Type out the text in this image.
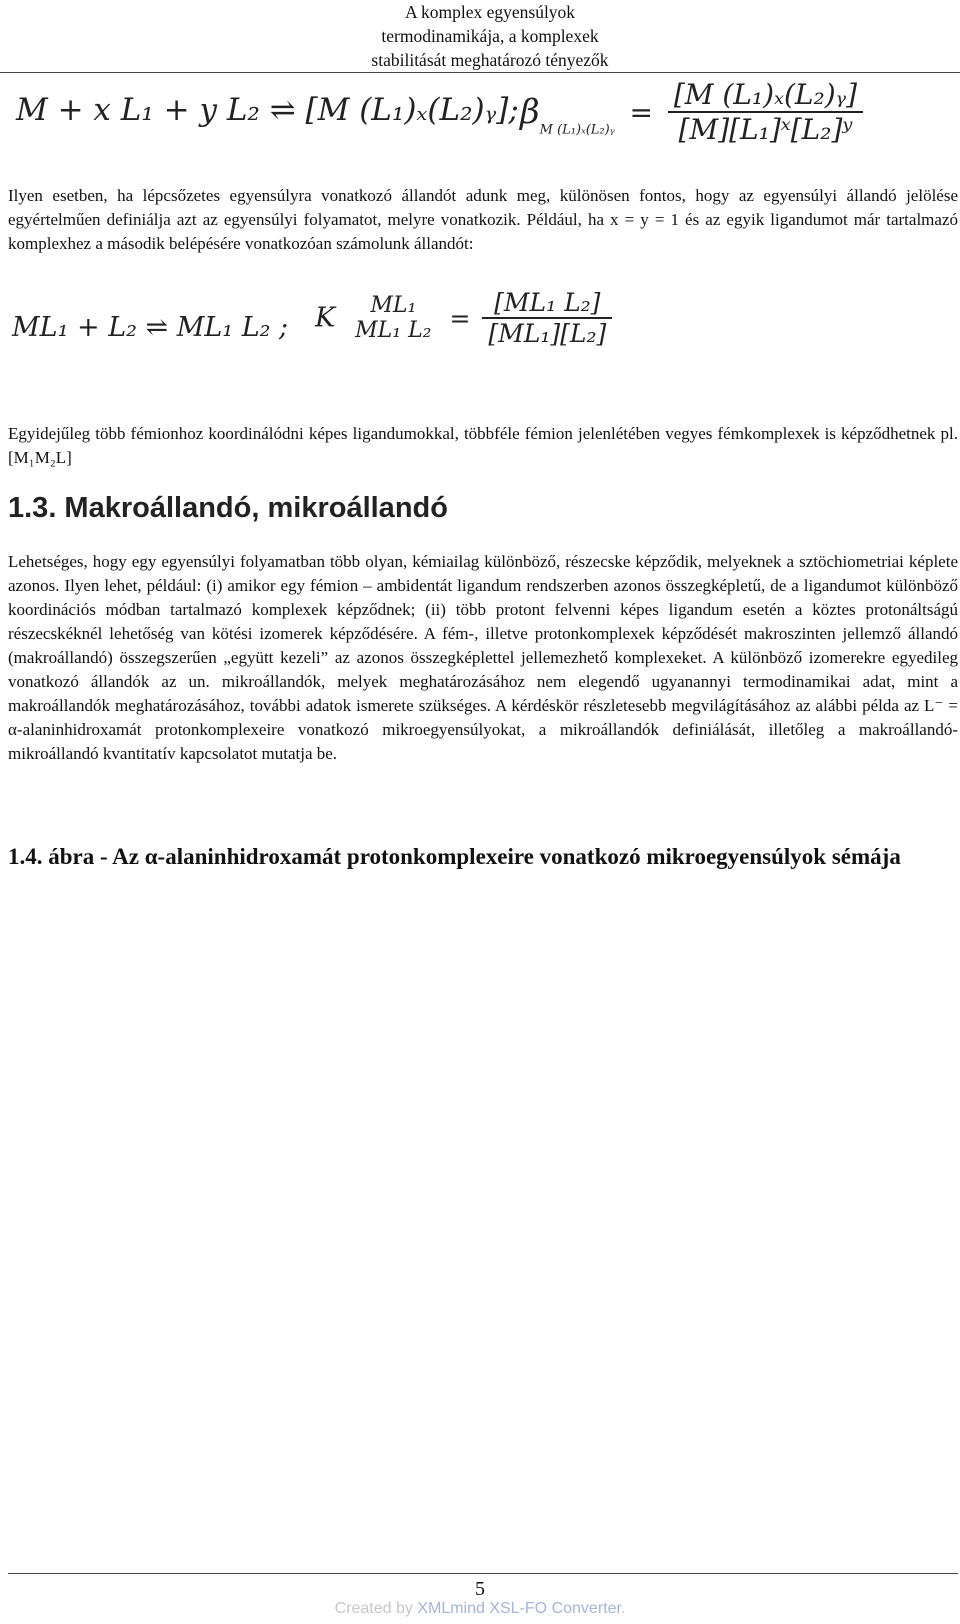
A komplex egyensúlyok
termodinamikája, a komplexek
stabilitását meghatározó tényezők
M + x L₁ + y L₂ ⇌ [M (L₁)ₓ(L₂)ᵧ]; $\beta_{M (L_1)_x(L_2)ᵧ} = \frac{\text{[M (L₁)ₓ(L₂)ᵧ]}}{\text{[M][L₁]ˣ[L₂]ʸ}}$
Ilyen esetben, ha lépcsőzetes egyensúlyra vonatkozó állandót adunk meg, különösen fontos, hogy az egyensúlyi állandó jelölése egyértelműen definiálja azt az egyensúlyi folyamatot, melyre vonatkozik. Például, ha x = y = 1 és az egyik ligandumot már tartalmazó komplexhez a második belépésére vonatkozóan számolunk állandót:
ML₁ + L₂ ⇌ ML₁ L₂ ; K	ML₁
ML₁ $L_2 = \frac{\text{[ML₁ L₂]}}{\text{[ML₁][L₂]}}$
Egyidejűleg több fémionhoz koordinálódni képes ligandumokkal, többféle fémion jelenlétében vegyes fémkomplexek is képződhetnek pl. [M₁M₂L]
1.3. Makroállandó, mikroállandó
Lehetséges, hogy egy egyensúlyi folyamatban több olyan, kémiailag különböző, részecske képződik, melyeknek a sztöchiometriai képlete azonos. Ilyen lehet, például: (i) amikor egy fémion – ambidentát ligandum rendszerben azonos összegképletű, de a ligandumot különböző koordinációs módban tartalmazó komplexek képződnek; (ii) több protont felvenni képes ligandum esetén a köztes protonáltságú részecskéknél lehetőség van kötési izomerek képződésére. A fém-, illetve protonkomplexek képződését makroszinten jellemző állandó (makroállandó) összegszerűen „együtt kezeli” az azonos összegképlettel jellemezhető komplexeket. A különböző izomerekre egyedileg vonatkozó állandók az un. mikroállandók, melyek meghatározásához nem elegendő ugyanannyi termodinamikai adat, mint a makroállandók meghatározásához, további adatok ismerete szükséges. A kérdéskör részletesebb megvilágításához az alábbi példa az L⁻ = α-alaninhidroxamát protonkomplexeire vonatkozó mikroegyensúlyokat, a mikroállandók definiálását, illetőleg a makroállandó-mikroállandó kvantitatív kapcsolatot mutatja be.
1.4. ábra - Az α-alaninhidroxamát protonkomplexeire vonatkozó mikroegyensúlyok sémája
5
Created by XMLmind XSL-FO Converter.
